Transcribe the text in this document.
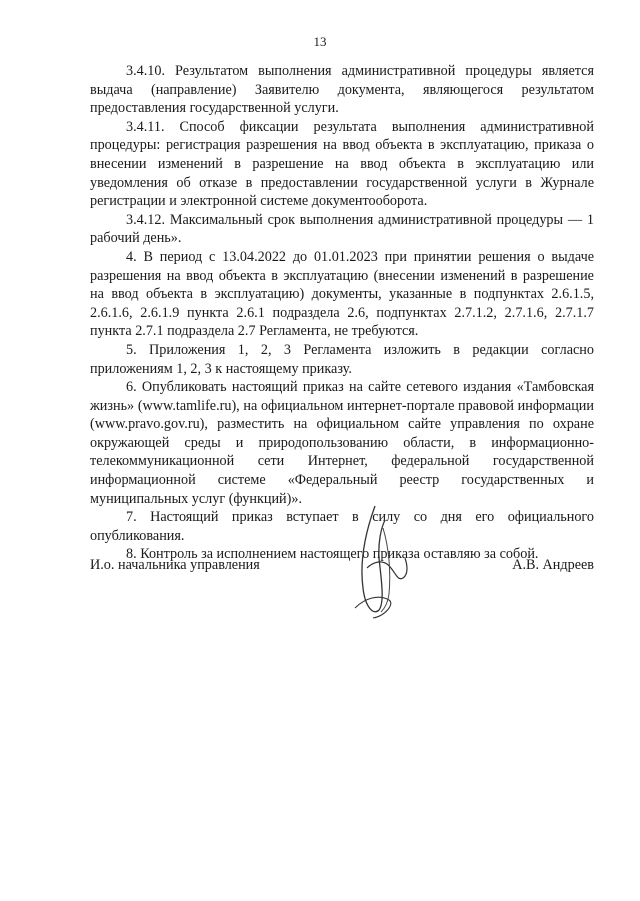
13

3.4.10. Результатом выполнения административной процедуры является выдача (направление) Заявителю документа, являющегося результатом предоставления государственной услуги.

3.4.11. Способ фиксации результата выполнения административной процедуры: регистрация разрешения на ввод объекта в эксплуатацию, приказа о внесении изменений в разрешение на ввод объекта в эксплуатацию или уведомления об отказе в предоставлении государственной услуги в Журнале регистрации и электронной системе документооборота.

3.4.12. Максимальный срок выполнения административной процедуры — 1 рабочий день».

4. В период с 13.04.2022 до 01.01.2023 при принятии решения о выдаче разрешения на ввод объекта в эксплуатацию (внесении изменений в разрешение на ввод объекта в эксплуатацию) документы, указанные в подпунктах 2.6.1.5, 2.6.1.6, 2.6.1.9 пункта 2.6.1 подраздела 2.6, подпунктах 2.7.1.2, 2.7.1.6, 2.7.1.7 пункта 2.7.1 подраздела 2.7 Регламента, не требуются.

5. Приложения 1, 2, 3 Регламента изложить в редакции согласно приложениям 1, 2, 3 к настоящему приказу.

6. Опубликовать настоящий приказ на сайте сетевого издания «Тамбовская жизнь» (www.tamlife.ru), на официальном интернет-портале правовой информации (www.pravo.gov.ru), разместить на официальном сайте управления по охране окружающей среды и природопользованию области, в информационно-телекоммуникационной сети Интернет, федеральной государственной информационной системе «Федеральный реестр государственных и муниципальных услуг (функций)».

7. Настоящий приказ вступает в силу со дня его официального опубликования.

8. Контроль за исполнением настоящего приказа оставляю за собой.

И.о. начальника управления	А.В. Андреев
